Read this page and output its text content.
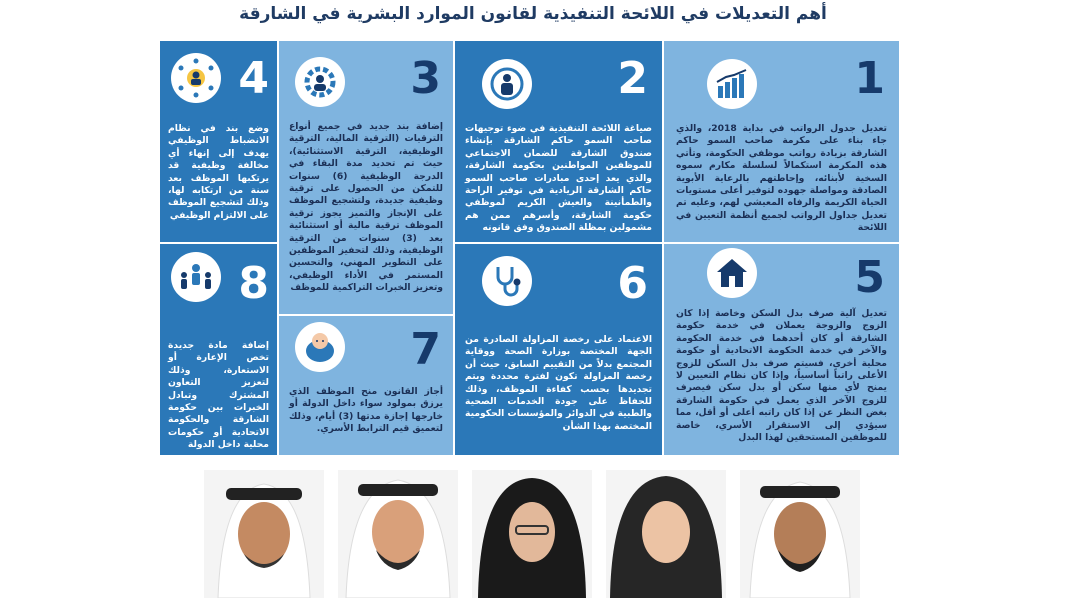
أهم التعديلات في اللائحة التنفيذية لقانون الموارد البشرية في الشارقة
1
تعديل جدول الرواتب في بداية 2018، والذي جاء بناء على مكرمة صاحب السمو حاكم الشارقة بزيادة رواتب موظفي الحكومة، وتأتي هذه المكرمة استكمالاً لسلسلة مكارم سموه السخية لأبنائه، وإحاطتهم بالرعاية الأبوية الصادقة ومواصلة جهوده لتوفير أعلى مستويات الحياة الكريمة والرفاه المعيشي لهم، وعليه تم تعديل جداول الرواتب لجميع أنظمة التعيين في اللائحة
2
صياغة اللائحة التنفيذية في ضوء توجيهات صاحب السمو حاكم الشارقة بإنشاء صندوق الشارقة للضمان الاجتماعي للموظفين المواطنين بحكومة الشارقة، والذي يعد إحدى مبادرات صاحب السمو حاكم الشارقة الريادية في توفير الراحة والطمأنينة والعيش الكريم لموظفي حكومة الشارقة، وأسرهم ممن هم مشمولين بمظلة الصندوق وفق قانونه
3
إضافة بند جديد في جميع أنواع الترقيات (الترقية المالية، الترقية الوظيفية، الترقية الاستثنائية)، حيث تم تحديد مدة البقاء في الدرجة الوظيفية (6) سنوات للتمكن من الحصول على ترقية وظيفية جديدة، ولتشجيع الموظف على الإنجاز والتميز يجوز ترقية الموظف ترقية مالية أو استثنائية بعد (3) سنوات من الترقية الوظيفية، وذلك لتحفيز الموظفين على التطوير المهني، والتحسين المستمر في الأداء الوظيفي، وتعزيز الخبرات التراكمية للموظف
4
وضع بند في نظام الانضباط الوظيفي يهدف إلى إنهاء أي مخالفة وظيفية قد يرتكبها الموظف بعد سنة من ارتكابه لها، وذلك لتشجيع الموظف على الالتزام الوظيفي
5
تعديل آلية صرف بدل السكن وخاصة إذا كان الزوج والزوجة يعملان في خدمة حكومة الشارقة أو كان أحدهما في خدمة الحكومة والآخر في خدمة الحكومة الاتحادية أو حكومة محلية أخرى، فسيتم صرف بدل السكن للزوج الأعلى راتباً أساسياً، وإذا كان نظام التعيين لا يمنح لأي منها سكن أو بدل سكن فيصرف للزوج الآخر الذي يعمل في حكومة الشارقة بغض النظر عن إذا كان راتبه أعلى أو أقل، مما سيؤدي إلى الاستقرار الأسري، خاصة للموظفين المستحقين لهذا البدل
6
الاعتماد على رخصة المزاولة الصادرة من الجهة المختصة بوزارة الصحة ووقاية المجتمع بدلاً من التقييم السابق، حيث أن رخصة المزاولة تكون لفترة محددة ويتم تجديدها بحسب كفاءة الموظف، وذلك للحفاظ على جودة الخدمات الصحية والطبية في الدوائر والمؤسسات الحكومية المختصة بهذا الشأن
7
أجاز القانون منح الموظف الذي يرزق بمولود سواء داخل الدولة أو خارجها إجازة مدتها (3) أيام، وذلك لتعميق قيم الترابط الأسري.
8
إضافة مادة جديدة تخص الإعارة أو الاستعارة، وذلك لتعزيز التعاون المشترك وتبادل الخبرات بين حكومة الشارقة والحكومة الاتحادية أو حكومات محلية داخل الدولة
